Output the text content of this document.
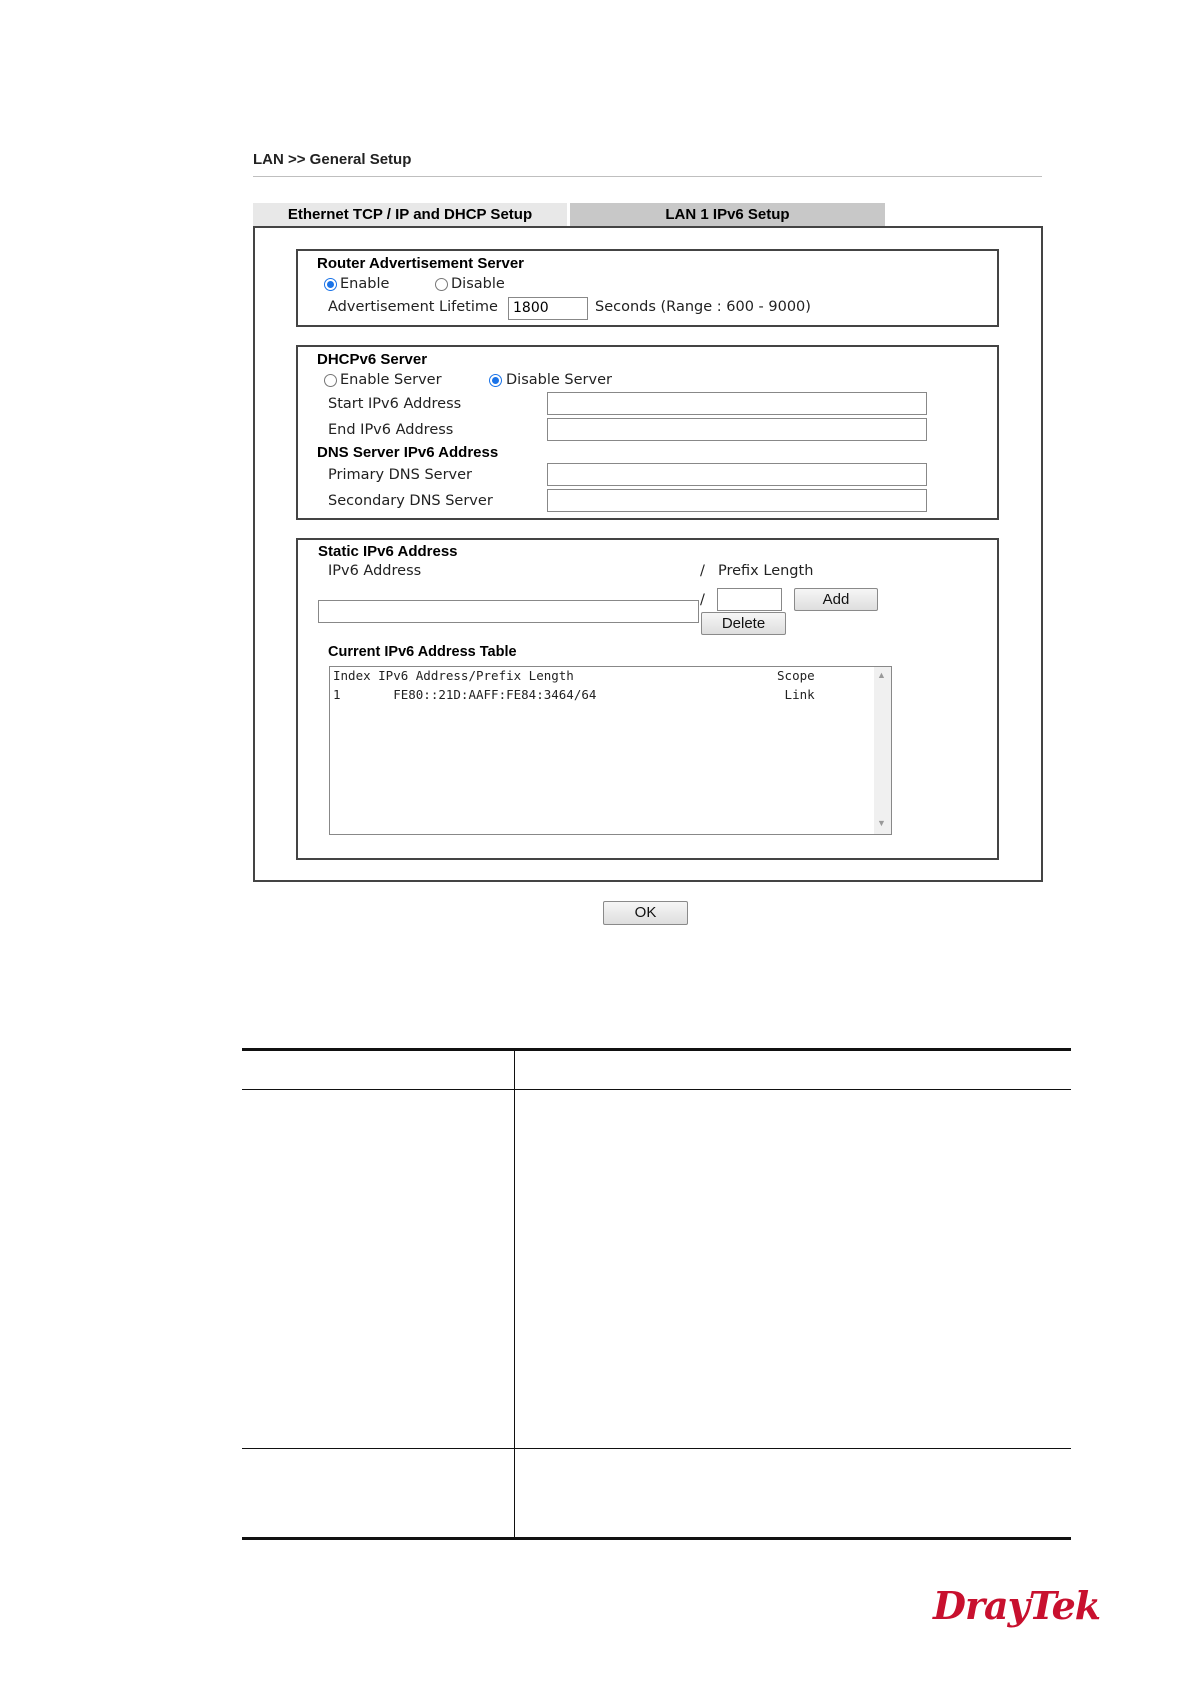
LAN >> General Setup
Ethernet TCP / IP and DHCP Setup	LAN 1 IPv6 Setup
Router Advertisement Server
Enable	Disable
Advertisement Lifetime	1800	Seconds (Range : 600 - 9000)
DHCPv6 Server
Enable Server	Disable Server
Start IPv6 Address
End IPv6 Address
DNS Server IPv6 Address
Primary DNS Server
Secondary DNS Server
Static IPv6 Address
IPv6 Address	/ Prefix Length
/	Add
Delete
Current IPv6 Address Table
Index IPv6 Address/Prefix Length                           Scope
1       FE80::21D:AAFF:FE84:3464/64                         Link
▲
▼
OK
DrayTek
